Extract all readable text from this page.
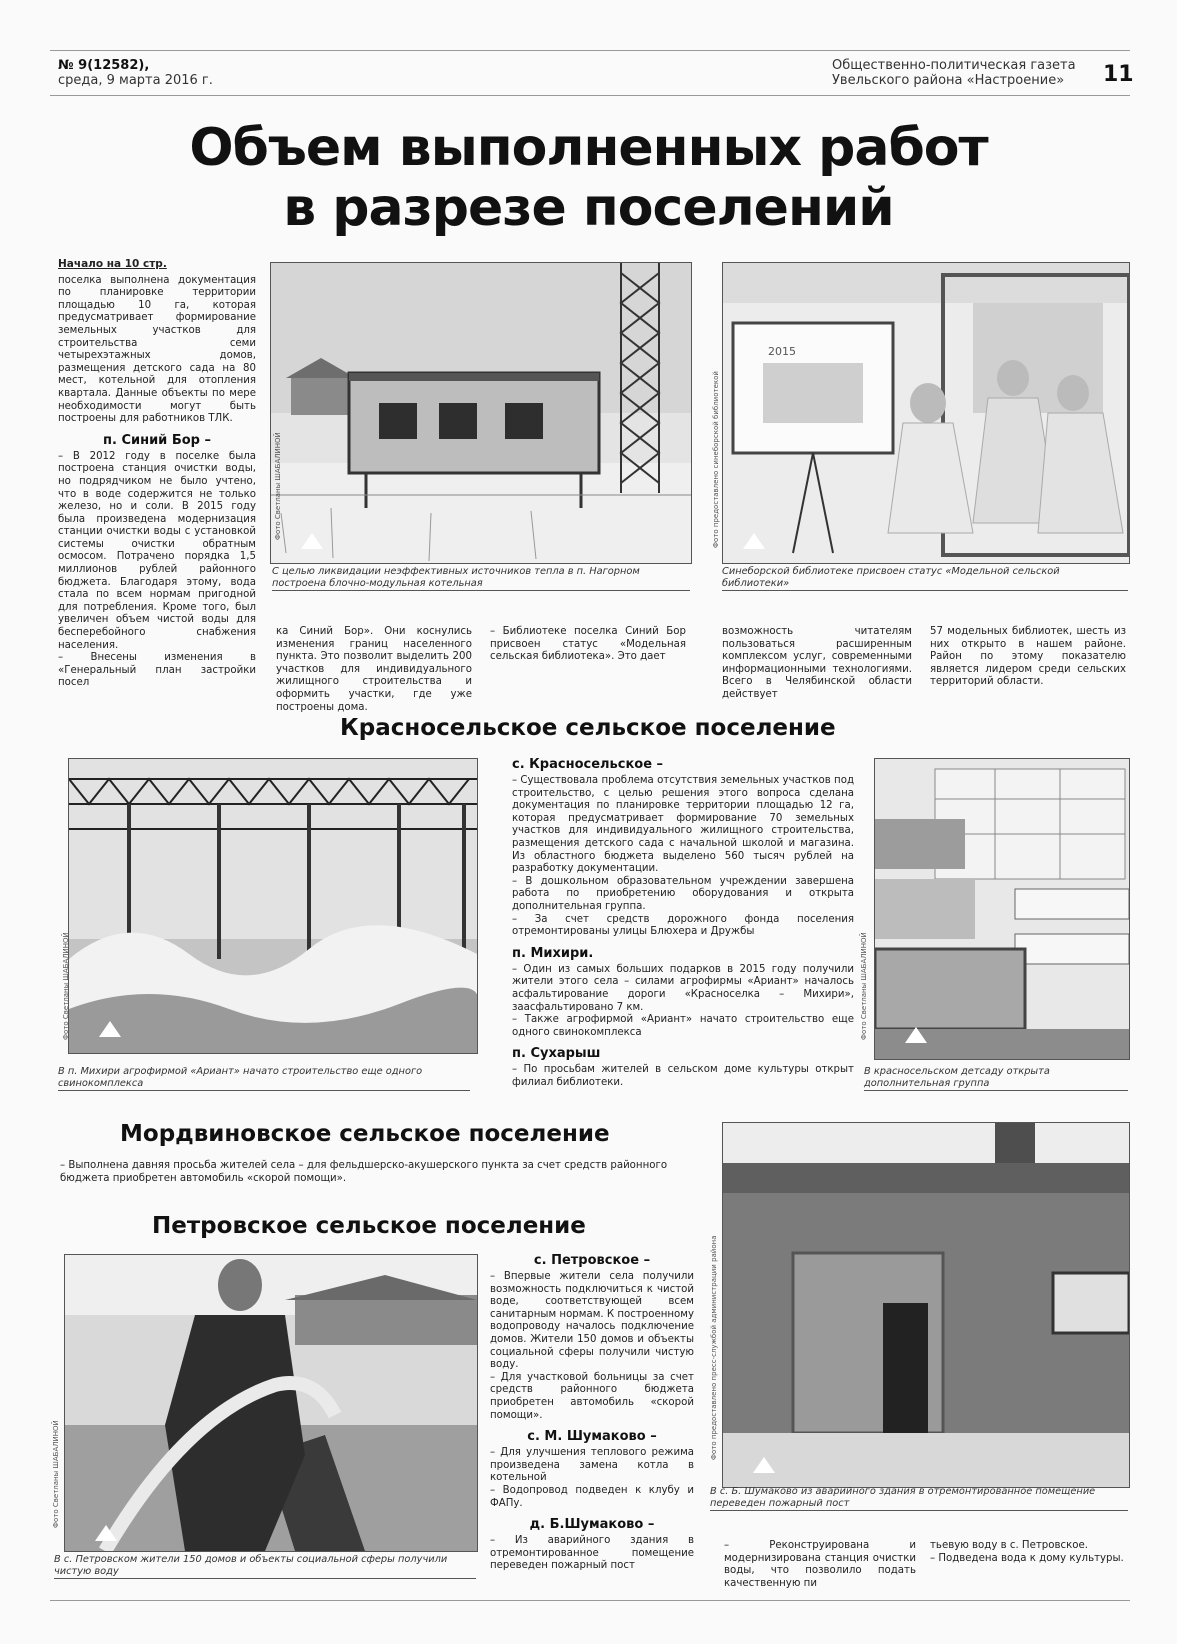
№ 9(12582),
среда, 9 марта 2016 г.
Общественно-политическая газета
Увельского района «Настроение»	11
Объем выполненных работ
в разрезе поселений
Начало на 10 стр.

поселка выполнена документация по планировке территории площадью 10 га, которая предусматривает формирование земельных участков для строительства семи четырехэтажных домов, размещения детского сада на 80 мест, котельной для отопления квартала. Данные объекты по мере необходимости могут быть построены для работников ТЛК.

п. Синий Бор –

– В 2012 году в поселке была построена станция очистки воды, но подрядчиком не было учтено, что в воде содержится не только железо, но и соли. В 2015 году была произведена модернизация станции очистки воды с установкой системы очистки обратным осмосом. Потрачено порядка 1,5 миллионов рублей районного бюджета. Благодаря этому, вода стала по всем нормам пригодной для потребления. Кроме того, был увеличен объем чистой воды для бесперебойного снабжения населения.

– Внесены изменения в «Генеральный план застройки посел

Фото Светланы ШАБАЛИНОЙ
С целью ликвидации неэффективных источников тепла в п. Нагорном построена блочно-модульная котельная
2015
Фото предоставлено синеборской библиотекой
Синеборской библиотеке присвоен статус «Модельной сельской библиотеки»

ка Синий Бор». Они коснулись изменения границ населенного пункта. Это позволит выделить 200 участков для индивидуального жилищного строительства и оформить участки, где уже построены дома.

– Библиотеке поселка Синий Бор присвоен статус «Модельная сельская библиотека». Это дает

возможность читателям пользоваться расширенным комплексом услуг, современными информационными технологиями. Всего в Челябинской области действует

57 модельных библиотек, шесть из них открыто в нашем районе. Район по этому показателю является лидером среди сельских территорий области.

Красносельское сельское поселение
Фото Светланы ШАБАЛИНОЙ
В п. Михири агрофирмой «Ариант» начато строительство еще одного свинокомплекса
с. Красносельское –

– Существовала проблема отсутствия земельных участков под строительство, с целью решения этого вопроса сделана документация по планировке территории площадью 12 га, которая предусматривает формирование 70 земельных участков для индивидуального жилищного строительства, размещения детского сада с начальной школой и магазина. Из областного бюджета выделено 560 тысяч рублей на разработку документации.

– В дошкольном образовательном учреждении завершена работа по приобретению оборудования и открыта дополнительная группа.

– За счет средств дорожного фонда поселения отремонтированы улицы Блюхера и Дружбы

п. Михири.

– Один из самых больших подарков в 2015 году получили жители этого села – силами агрофирмы «Ариант» началось асфальтирование дороги «Красноселка – Михири», заасфальтировано 7 км.

– Также агрофирмой «Ариант» начато строительство еще одного свинокомплекса

п. Сухарыш

– По просьбам жителей в сельском доме культуры открыт филиал библиотеки.

Фото Светланы ШАБАЛИНОЙ
В красносельском детсаду открыта дополнительная группа
Мордвиновское сельское поселение

– Выполнена давняя просьба жителей села – для фельдшерско-акушерского пункта за счет средств районного бюджета приобретен автомобиль «скорой помощи».

Фото предоставлено пресс-службой администрации района
В с. Б. Шумаково из аварийного здания в отремонтированное помещение переведен пожарный пост
Петровское сельское поселение
Фото Светланы ШАБАЛИНОЙ
В с. Петровском жители 150 домов и объекты социальной сферы получили чистую воду
с. Петровское –

– Впервые жители села получили возможность подключиться к чистой воде, соответствующей всем санитарным нормам. К построенному водопроводу началось подключение домов. Жители 150 домов и объекты социальной сферы получили чистую воду.

– Для участковой больницы за счет средств районного бюджета приобретен автомобиль «скорой помощи».

с. М. Шумаково –

– Для улучшения теплового режима произведена замена котла в котельной

– Водопровод подведен к клубу и ФАПу.

д. Б.Шумаково –

– Из аварийного здания в отремонтированное помещение переведен пожарный пост

– Реконструирована и модернизирована станция очистки воды, что позволило подать качественную пи

тьевую воду в с. Петровское.

– Подведена вода к дому культуры.
